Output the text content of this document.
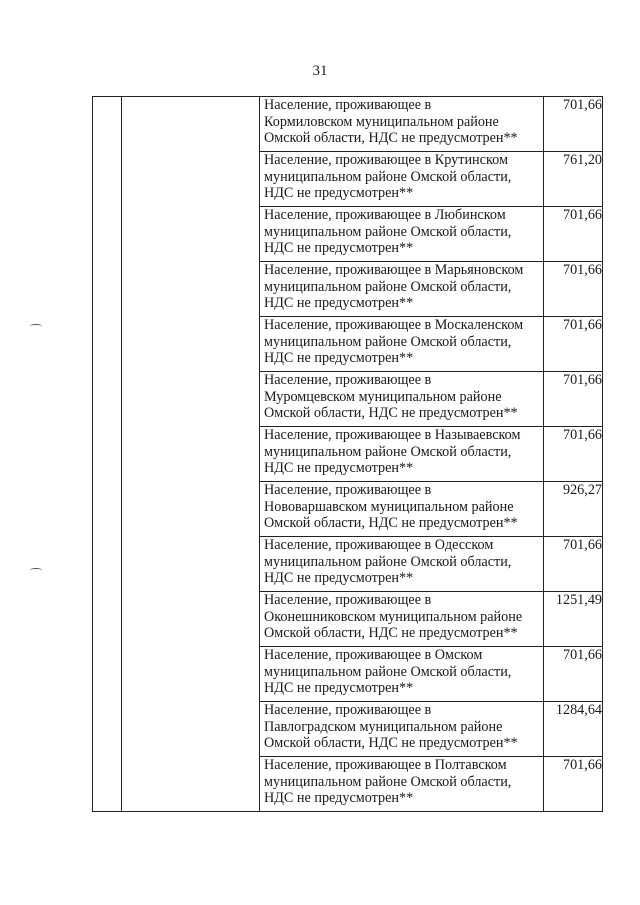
31

		Население, проживающее в
Кормиловском муниципальном районе
Омской области, НДС не предусмотрен**	701,66

		Население, проживающее в Крутинском
муниципальном районе Омской области,
НДС не предусмотрен**	761,20

		Население, проживающее в Любинском
муниципальном районе Омской области,
НДС не предусмотрен**	701,66

		Население, проживающее в Марьяновском
муниципальном районе Омской области,
НДС не предусмотрен**	701,66

		Население, проживающее в Москаленском
муниципальном районе Омской области,
НДС не предусмотрен**	701,66

		Население, проживающее в
Муромцевском муниципальном районе
Омской области, НДС не предусмотрен**	701,66

		Население, проживающее в Называевском
муниципальном районе Омской области,
НДС не предусмотрен**	701,66

		Население, проживающее в
Нововаршавском муниципальном районе
Омской области, НДС не предусмотрен**	926,27

		Население, проживающее в Одесском
муниципальном районе Омской области,
НДС не предусмотрен**	701,66

		Население, проживающее в
Оконешниковском муниципальном районе
Омской области, НДС не предусмотрен**	1251,49

		Население, проживающее в Омском
муниципальном районе Омской области,
НДС не предусмотрен**	701,66

		Население, проживающее в
Павлоградском муниципальном районе
Омской области, НДС не предусмотрен**	1284,64

		Население, проживающее в Полтавском
муниципальном районе Омской области,
НДС не предусмотрен**	701,66
